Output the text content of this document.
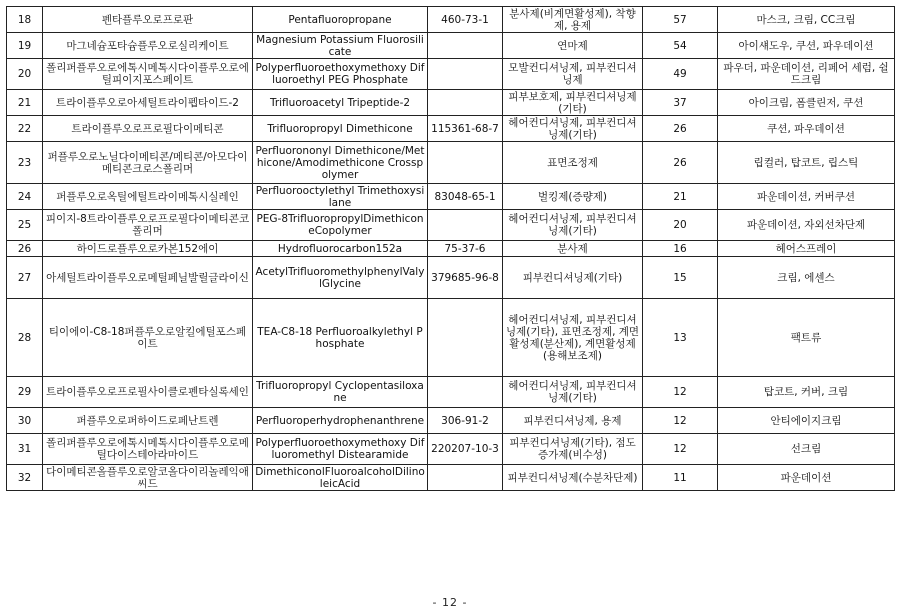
18	펜타플루오로프로판	Pentafluoropropane	460-73-1	분사제(비계면활성제), 착향제, 용제	57	마스크, 크림, CC크림
19	마그네슘포타슘플루오로실리케이트	Magnesium Potassium Fluorosilicate		연마제	54	아이섀도우, 쿠션, 파우데이션
20	폴리퍼플루오로에톡시메톡시다이플루오로에틸피이지포스페이트	Polyperfluoroethoxymethoxy Difluoroethyl PEG Phosphate		모발컨디셔닝제, 피부컨디셔닝제	49	파우더, 파운데이션, 리페어 세럼, 쉴드크림
21	트라이플루오로아세틸트라이펩타이드-2	Trifluoroacetyl Tripeptide-2		피부보호제, 피부컨디셔닝제(기타)	37	아이크림, 폼클린저, 쿠션
22	트라이플루오로프로필다이메티콘	Trifluoropropyl Dimethicone	115361-68-7	헤어컨디셔닝제, 피부컨디셔닝제(기타)	26	쿠션, 파우데이션
23	퍼플루오로노닐다이메티콘/메티콘/아모다이메티콘크로스폴리머	Perfluorononyl Dimethicone/Methicone/Amodimethicone Crosspolymer		표면조정제	26	립컬러, 탑코트, 립스틱
24	퍼플루오로옥틸에틸트라이메톡시실레인	Perfluorooctylethyl Trimethoxysilane	83048-65-1	벌킹제(증량제)	21	파운데이션, 커버쿠션
25	피이지-8트라이플루오로프로필다이메티콘코폴리머	PEG-8TrifluoropropylDimethiconeCopolymer		헤어컨디셔닝제, 피부컨디셔닝제(기타)	20	파운데이션, 자외선차단제
26	하이드로플루오로카본152에이	Hydrofluorocarbon152a	75-37-6	분사제	16	헤어스프레이
27	아세틸트라이플루오로메틸페닐발릴글라이신	AcetylTrifluoromethylphenylValylGlycine	379685-96-8	피부컨디셔닝제(기타)	15	크림, 에센스
28	티이에이-C8-18퍼플루오로알킬에틸포스페이트	TEA-C8-18 Perfluoroalkylethyl Phosphate		헤어컨디셔닝제, 피부컨디셔닝제(기타), 표면조정제, 계면활성제(분산제), 계면활성제(용해보조제)	13	팩트류
29	트라이플루오로프로필사이클로펜타실록세인	Trifluoropropyl Cyclopentasiloxane		헤어컨디셔닝제, 피부컨디셔닝제(기타)	12	탑코트, 커버, 크림
30	퍼플루오로퍼하이드로페난트렌	Perfluoroperhydrophenanthrene	306-91-2	피부컨디셔닝제, 용제	12	안티에이지크림
31	폴리퍼플루오로에톡시메톡시다이플루오로메틸다이스테아라마이드	Polyperfluoroethoxymethoxy Difluoromethyl Distearamide	220207-10-3	피부컨디셔닝제(기타), 점도증가제(비수성)	12	선크림
32	다이메티콘올플루오로알코올다이리놀레익애씨드	DimethiconolFluoroalcoholDilinoleicAcid		피부컨디셔닝제(수분차단제)	11	파운데이션
- 12 -
